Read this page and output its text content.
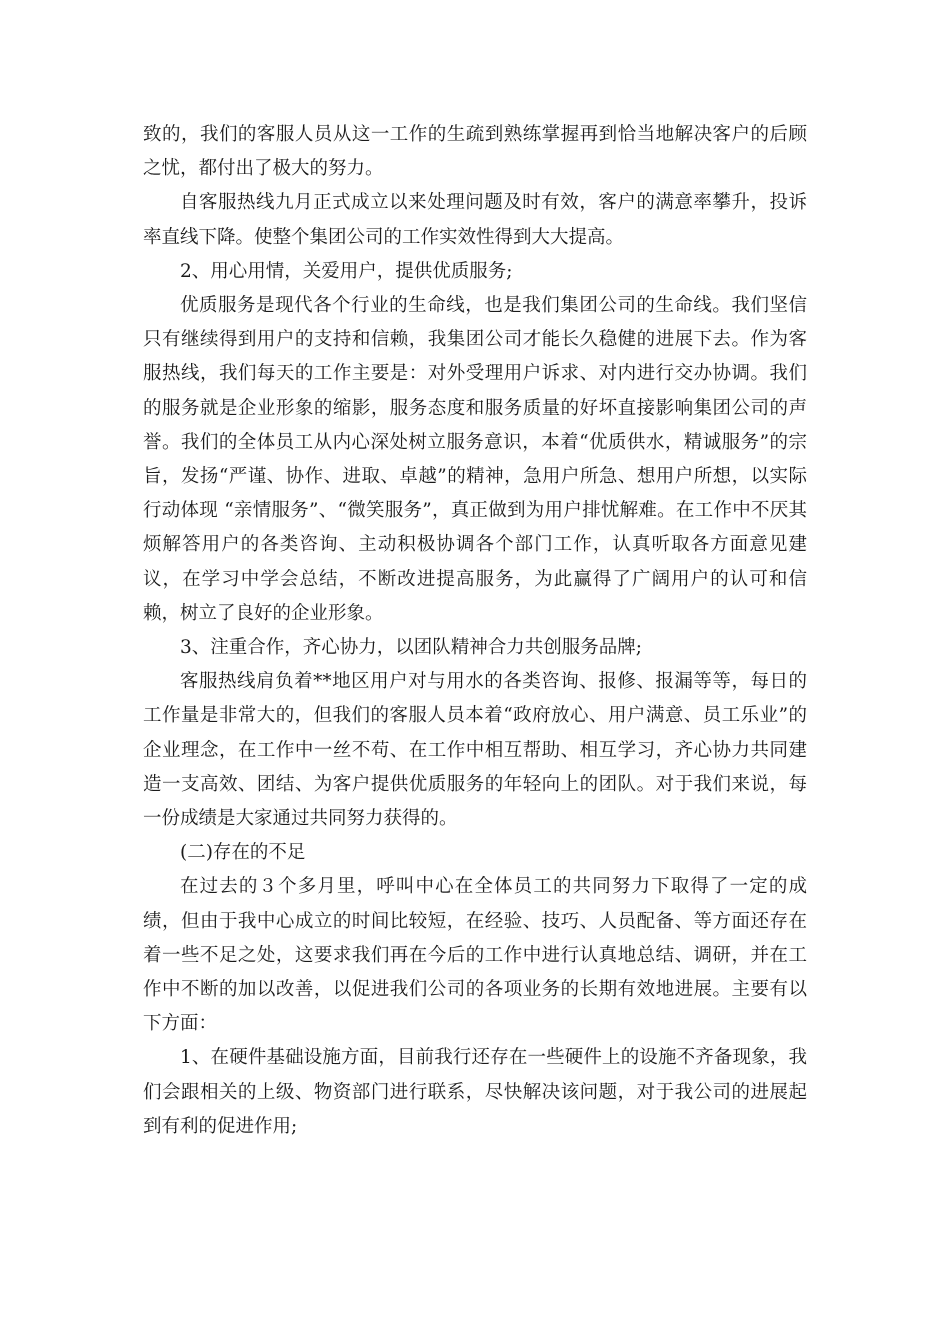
致的，我们的客服人员从这一工作的生疏到熟练掌握再到恰当地解决客户的后顾之忧，都付出了极大的努力。

自客服热线九月正式成立以来处理问题及时有效，客户的满意率攀升，投诉率直线下降。使整个集团公司的工作实效性得到大大提高。

2、用心用情，关爱用户，提供优质服务;

优质服务是现代各个行业的生命线，也是我们集团公司的生命线。我们坚信只有继续得到用户的支持和信赖，我集团公司才能长久稳健的进展下去。作为客服热线，我们每天的工作主要是：对外受理用户诉求、对内进行交办协调。我们的服务就是企业形象的缩影，服务态度和服务质量的好坏直接影响集团公司的声誉。我们的全体员工从内心深处树立服务意识，本着“优质供水，精诚服务”的宗旨，发扬“严谨、协作、进取、卓越”的精神，急用户所急、想用户所想，以实际行动体现 “亲情服务”、“微笑服务”，真正做到为用户排忧解难。在工作中不厌其烦解答用户的各类咨询、主动积极协调各个部门工作，认真听取各方面意见建议，在学习中学会总结，不断改进提高服务，为此赢得了广阔用户的认可和信赖，树立了良好的企业形象。

3、注重合作，齐心协力，以团队精神合力共创服务品牌;

客服热线肩负着**地区用户对与用水的各类咨询、报修、报漏等等，每日的工作量是非常大的，但我们的客服人员本着“政府放心、用户满意、员工乐业”的企业理念，在工作中一丝不苟、在工作中相互帮助、相互学习，齐心协力共同建造一支高效、团结、为客户提供优质服务的年轻向上的团队。对于我们来说，每一份成绩是大家通过共同努力获得的。

(二)存在的不足

在过去的３个多月里，呼叫中心在全体员工的共同努力下取得了一定的成绩，但由于我中心成立的时间比较短，在经验、技巧、人员配备、等方面还存在着一些不足之处，这要求我们再在今后的工作中进行认真地总结、调研，并在工作中不断的加以改善，以促进我们公司的各项业务的长期有效地进展。主要有以下方面：

1、在硬件基础设施方面，目前我行还存在一些硬件上的设施不齐备现象，我们会跟相关的上级、物资部门进行联系，尽快解决该问题，对于我公司的进展起到有利的促进作用;
